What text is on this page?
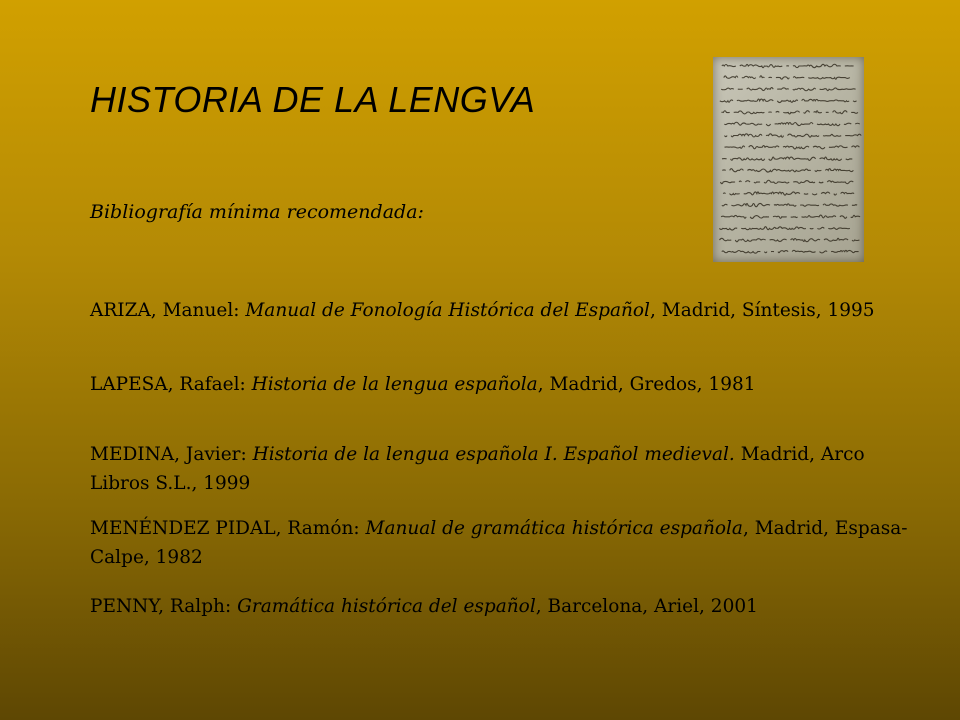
HISTORIA DE LA LENGVA

Bibliografía mínima recomendada:

ARIZA, Manuel: Manual de Fonología Histórica del Español, Madrid, Síntesis, 1995

LAPESA, Rafael: Historia de la lengua española, Madrid, Gredos, 1981

MEDINA, Javier: Historia de la lengua española I. Español medieval. Madrid, Arco Libros S.L., 1999

MENÉNDEZ PIDAL, Ramón: Manual de gramática histórica española, Madrid, Espasa-Calpe, 1982

PENNY, Ralph: Gramática histórica del español, Barcelona, Ariel, 2001
